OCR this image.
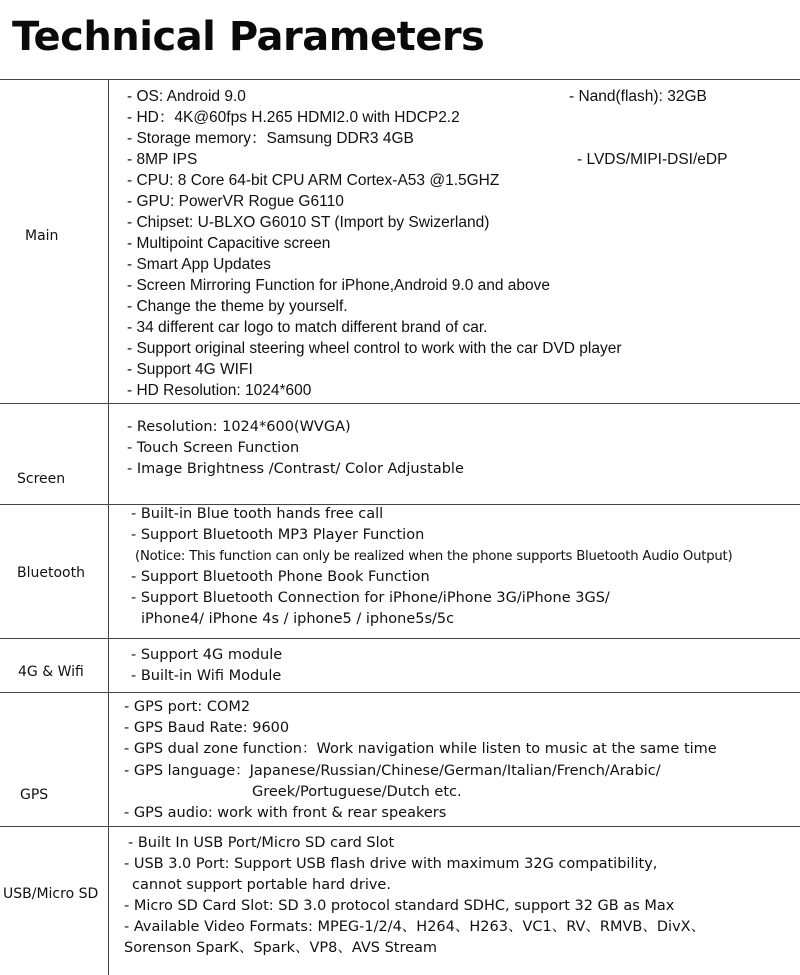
Technical Parameters
Main
- OS: Android 9.0	- Nand(flash): 32GB
- HD：4K@60fps H.265 HDMI2.0 with HDCP2.2
- Storage memory：Samsung DDR3 4GB
- 8MP IPS	- LVDS/MIPI-DSI/eDP
- CPU: 8 Core 64-bit CPU ARM Cortex-A53 @1.5GHZ
- GPU: PowerVR Rogue G6110
- Chipset: U-BLXO G6010 ST (Import by Swizerland)
- Multipoint Capacitive screen
- Smart App Updates
- Screen Mirroring Function for iPhone,Android 9.0 and above
- Change the theme by yourself.
- 34 different car logo to match different brand of car.
- Support original steering wheel control to work with the car DVD player
- Support 4G WIFI
- HD Resolution: 1024*600
Screen
- Resolution: 1024*600(WVGA)
- Touch Screen Function
- Image Brightness /Contrast/ Color Adjustable
Bluetooth
- Built-in Blue tooth hands free call
- Support Bluetooth MP3 Player Function
(Notice: This function can only be realized when the phone supports Bluetooth Audio Output)
- Support Bluetooth Phone Book Function
- Support Bluetooth Connection for iPhone/iPhone 3G/iPhone 3GS/
iPhone4/ iPhone 4s / iphone5 / iphone5s/5c
4G & Wifi
- Support 4G module
- Built-in Wifi Module
GPS
- GPS port: COM2
- GPS Baud Rate: 9600
- GPS dual zone function：Work navigation while listen to music at the same time
- GPS language：Japanese/Russian/Chinese/German/Italian/French/Arabic/
Greek/Portuguese/Dutch etc.
- GPS audio: work with front & rear speakers
USB/Micro SD
- Built In USB Port/Micro SD card Slot
- USB 3.0 Port: Support USB flash drive with maximum 32G compatibility,
cannot support portable hard drive.
- Micro SD Card Slot: SD 3.0 protocol standard SDHC, support 32 GB as Max
- Available Video Formats: MPEG-1/2/4、H264、H263、VC1、RV、RMVB、DivX、
Sorenson SparK、Spark、VP8、AVS Stream
